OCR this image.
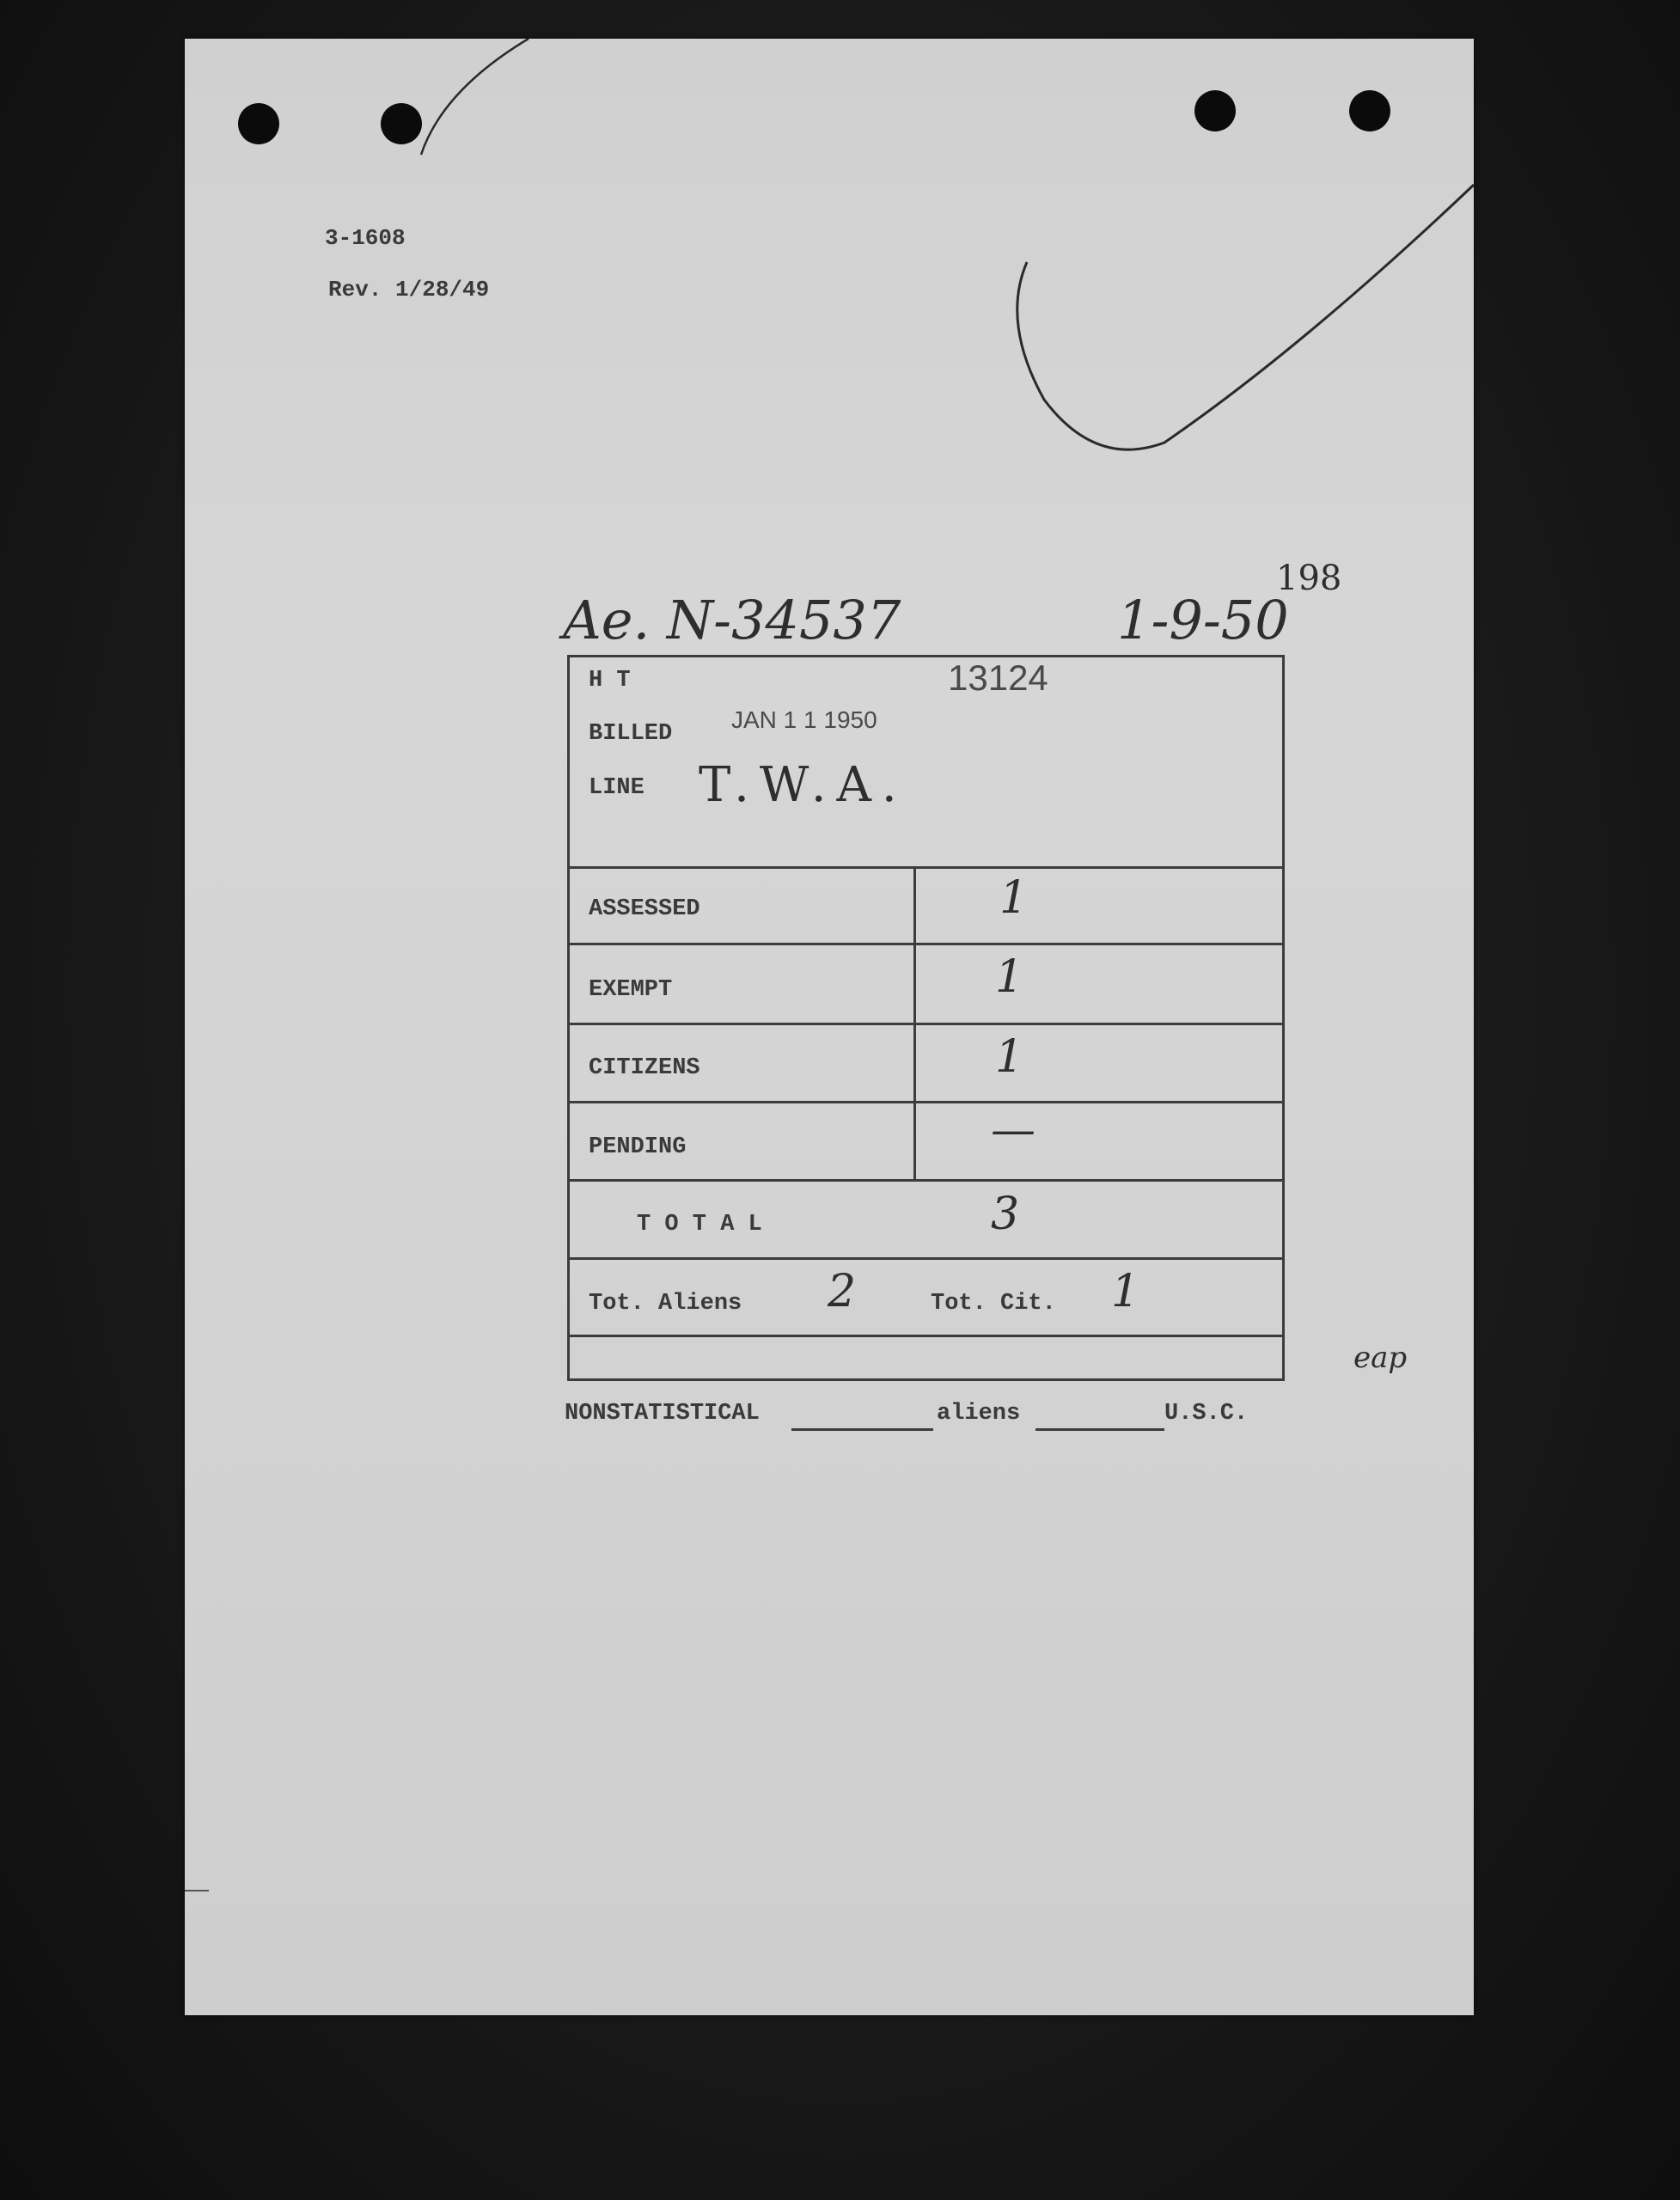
3-1608
Rev. 1/28/49
Ae. N-34537	1-9-50
198
13124
H T
BILLED
JAN 1 1 1950
LINE T.W.A.
ASSESSED	1
EXEMPT	1
CITIZENS	1
PENDING	—
T O T A L	3
Tot. Aliens 2	Tot. Cit. 1
eap
NONSTATISTICAL	aliens	U.S.C.
